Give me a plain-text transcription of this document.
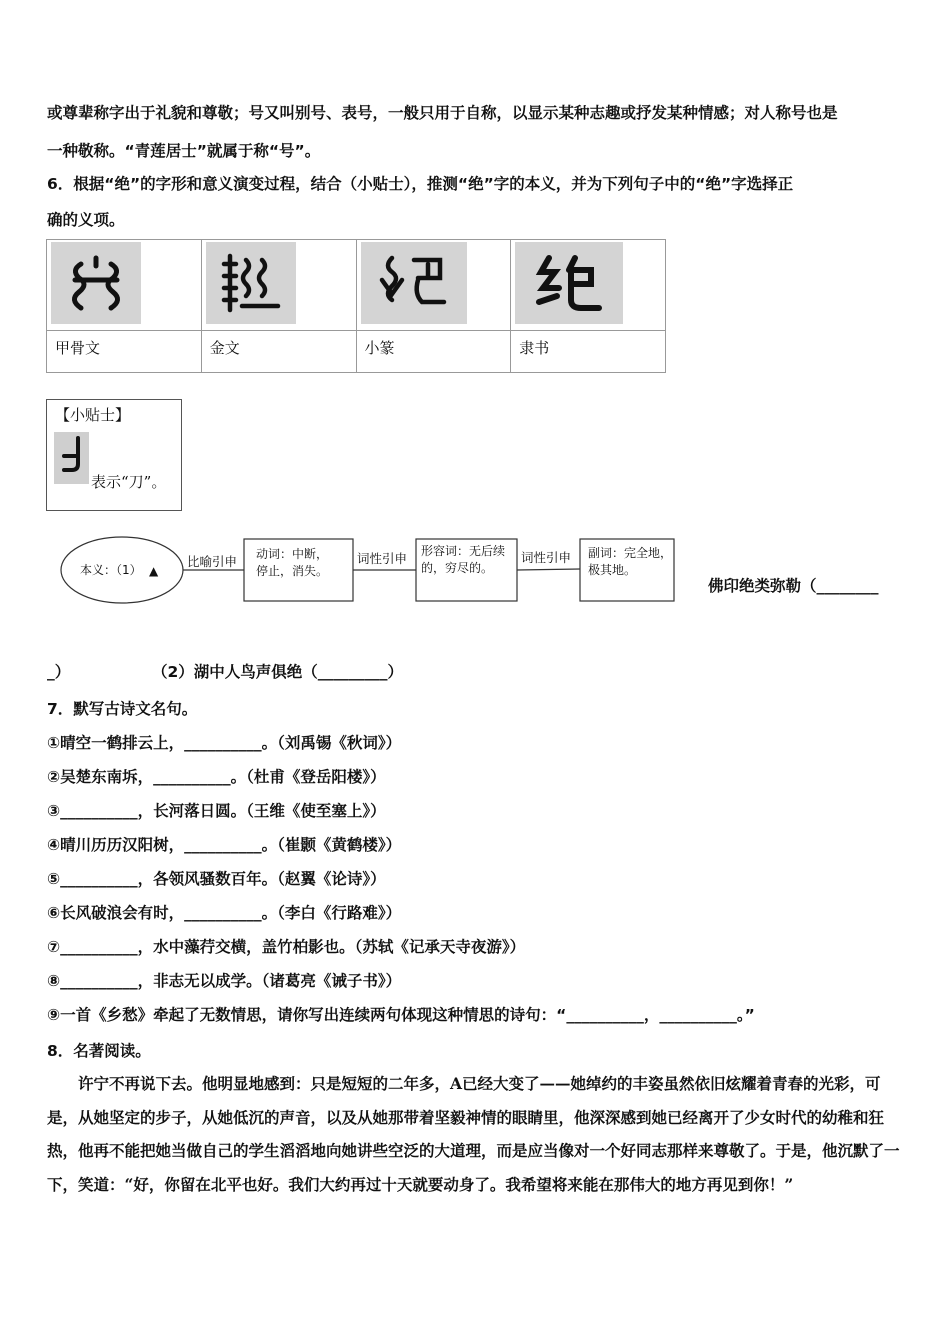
或尊辈称字出于礼貌和尊敬；号又叫别号、表号，一般只用于自称，以显示某种志趣或抒发某种情感；对人称号也是
一种敬称。“青莲居士”就属于称“号”。
6．根据“绝”的字形和意义演变过程，结合（小贴士），推测“绝”字的本义，并为下列句子中的“绝”字选择正
确的义项。

甲骨文	金文	小篆	隶书
【小贴士】
表示“刀”。
本义：（1） ▲
比喻引申 动词：中断，
停止，消失。
词性引申 形容词：无后续
的，穷尽的。
词性引申 副词：完全地，
极其地。
佛印绝类弥勒（________
_）	（2）湖中人鸟声俱绝（_________）
7．默写古诗文名句。
①晴空一鹤排云上，__________。（刘禹锡《秋词》）
②吴楚东南坼，__________。（杜甫《登岳阳楼》）
③__________，长河落日圆。（王维《使至塞上》）
④晴川历历汉阳树，__________。（崔颢《黄鹤楼》）
⑤__________，各领风骚数百年。（赵翼《论诗》）
⑥长风破浪会有时，__________。（李白《行路难》）
⑦__________，水中藻荇交横，盖竹柏影也。（苏轼《记承天寺夜游》）
⑧__________，非志无以成学。（诸葛亮《诫子书》）
⑨一首《乡愁》牵起了无数情思，请你写出连续两句体现这种情思的诗句：“__________，__________。”
8．名著阅读。
许宁不再说下去。他明显地感到：只是短短的二年多，A已经大变了——她绰约的丰姿虽然依旧炫耀着青春的光彩，可是，从她坚定的步子，从她低沉的声音，以及从她那带着坚毅神情的眼睛里，他深深感到她已经离开了少女时代的幼稚和狂热，他再不能把她当做自己的学生滔滔地向她讲些空泛的大道理，而是应当像对一个好同志那样来尊敬了。于是，他沉默了一下，笑道：“好，你留在北平也好。我们大约再过十天就要动身了。我希望将来能在那伟大的地方再见到你！”
